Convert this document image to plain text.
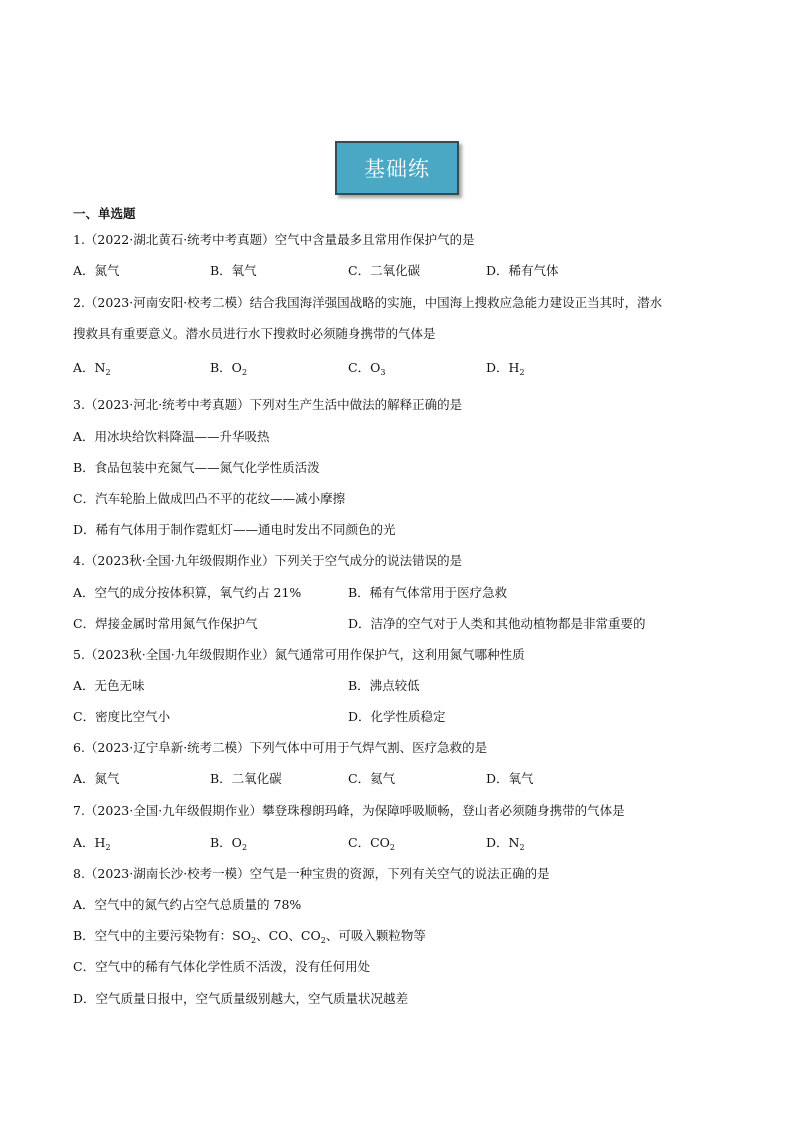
基础练
一、单选题
1.（2022·湖北黄石·统考中考真题）空气中含量最多且常用作保护气的是
A．氮气	B．氧气	C．二氧化碳	D．稀有气体
2.（2023·河南安阳·校考二模）结合我国海洋强国战略的实施，中国海上搜救应急能力建设正当其时，潜水
搜救具有重要意义。潜水员进行水下搜救时必须随身携带的气体是
A．$N_2$	B．$O_2$	C．$O_3$	D．$H_2$
3.（2023·河北·统考中考真题）下列对生产生活中做法的解释正确的是
A．用冰块给饮料降温——升华吸热
B．食品包装中充氮气——氮气化学性质活泼
C．汽车轮胎上做成凹凸不平的花纹——减小摩擦
D．稀有气体用于制作霓虹灯——通电时发出不同颜色的光
4.（2023秋·全国·九年级假期作业）下列关于空气成分的说法错误的是
A．空气的成分按体积算，氧气约占 21%	B．稀有气体常用于医疗急救
C．焊接金属时常用氮气作保护气	D．洁净的空气对于人类和其他动植物都是非常重要的
5.（2023秋·全国·九年级假期作业）氮气通常可用作保护气，这利用氮气哪种性质
A．无色无味	B．沸点较低
C．密度比空气小	D．化学性质稳定
6.（2023·辽宁阜新·统考二模）下列气体中可用于气焊气割、医疗急救的是
A．氮气	B．二氧化碳	C．氦气	D．氧气
7.（2023·全国·九年级假期作业）攀登珠穆朗玛峰，为保障呼吸顺畅，登山者必须随身携带的气体是
A．$H_2$	B．$O_2$	C．$CO_2$	D．$N_2$
8.（2023·湖南长沙·校考一模）空气是一种宝贵的资源，下列有关空气的说法正确的是
A．空气中的氮气约占空气总质量的 78%
B．空气中的主要污染物有：$SO_2$、CO、$CO_2$、可吸入颗粒物等
C．空气中的稀有气体化学性质不活泼，没有任何用处
D．空气质量日报中，空气质量级别越大，空气质量状况越差
